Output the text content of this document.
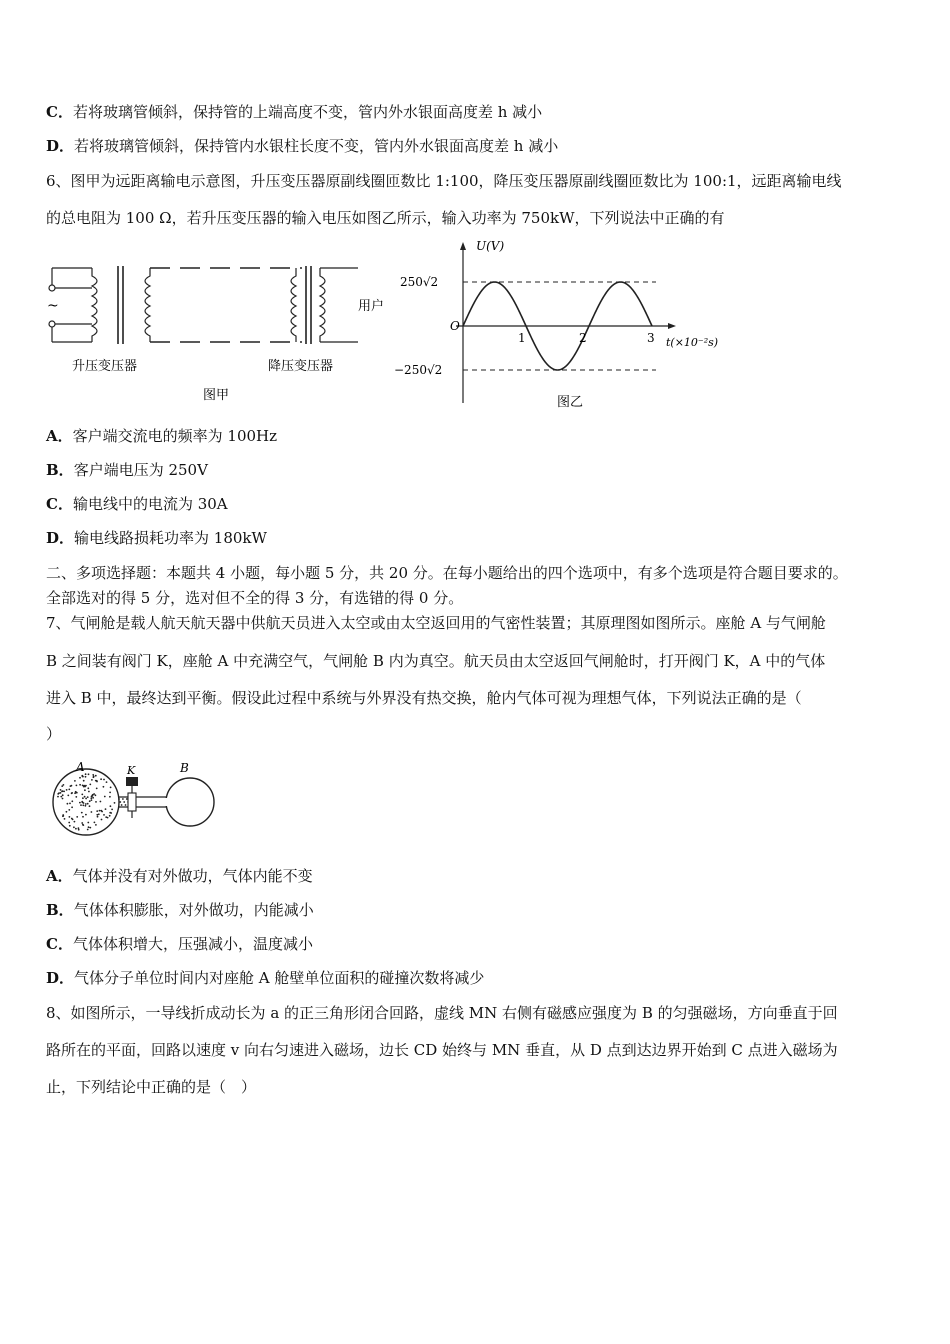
C．若将玻璃管倾斜，保持管的上端高度不变，管内外水银面高度差 h 减小
D．若将玻璃管倾斜，保持管内水银柱长度不变，管内外水银面高度差 h 减小
6、图甲为远距离输电示意图，升压变压器原副线圈匝数比 1:100，降压变压器原副线圈匝数比为 100:1，远距离输电线
的总电阻为 100 Ω，若升压变压器的输入电压如图乙所示，输入功率为 750kW，下列说法中正确的有
~	用户
升压变压器	降压变压器
图甲
U(V)
250√2
−250√2
O
1	2	3 t(×10⁻²s)
图乙
A．客户端交流电的频率为 100Hz
B．客户端电压为 250V
C．输电线中的电流为 30A
D．输电线路损耗功率为 180kW
二、多项选择题：本题共 4 小题，每小题 5 分，共 20 分。在每小题给出的四个选项中，有多个选项是符合题目要求的。
全部选对的得 5 分，选对但不全的得 3 分，有选错的得 0 分。
7、气闸舱是载人航天航天器中供航天员进入太空或由太空返回用的气密性装置；其原理图如图所示。座舱 A 与气闸舱
B 之间装有阀门 K，座舱 A 中充满空气，气闸舱 B 内为真空。航天员由太空返回气闸舱时，打开阀门 K，A 中的气体
进入 B 中，最终达到平衡。假设此过程中系统与外界没有热交换，舱内气体可视为理想气体，下列说法正确的是（
）
A	K	B
A．气体并没有对外做功，气体内能不变
B．气体体积膨胀，对外做功，内能减小
C．气体体积增大，压强减小，温度减小
D．气体分子单位时间内对座舱 A 舱壁单位面积的碰撞次数将减少
8、如图所示，一导线折成动长为 a 的正三角形闭合回路，虚线 MN 右侧有磁感应强度为 B 的匀强磁场，方向垂直于回
路所在的平面，回路以速度 v 向右匀速进入磁场，边长 CD 始终与 MN 垂直，从 D 点到达边界开始到 C 点进入磁场为
止，下列结论中正确的是（　）
